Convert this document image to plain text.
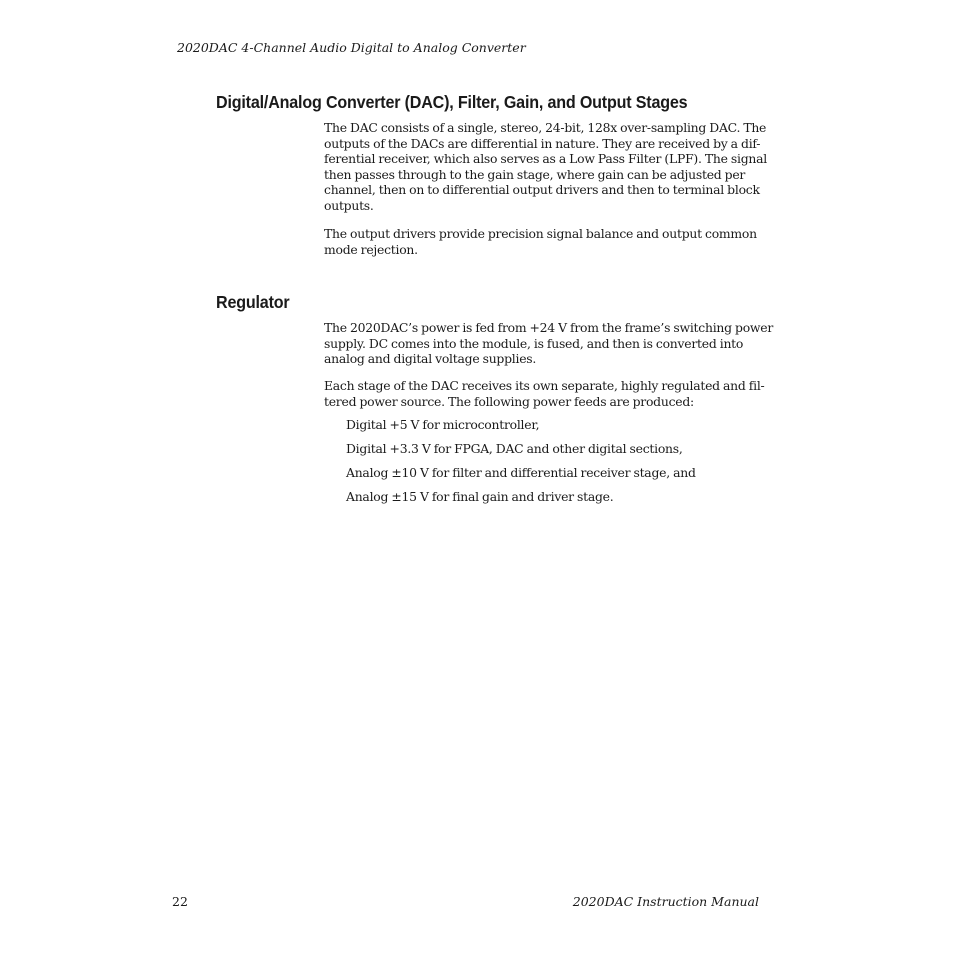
2020DAC 4-Channel Audio Digital to Analog Converter
Digital/Analog Converter (DAC), Filter, Gain, and Output Stages

The DAC consists of a single, stereo, 24-bit, 128x over-sampling DAC. The
outputs of the DACs are differential in nature. They are received by a dif-
ferential receiver, which also serves as a Low Pass Filter (LPF). The signal
then passes through to the gain stage, where gain can be adjusted per
channel, then on to differential output drivers and then to terminal block
outputs.

The output drivers provide precision signal balance and output common
mode rejection.

Regulator

The 2020DAC’s power is fed from +24 V from the frame’s switching power
supply. DC comes into the module, is fused, and then is converted into
analog and digital voltage supplies.

Each stage of the DAC receives its own separate, highly regulated and fil-
tered power source. The following power feeds are produced:

Digital +5 V for microcontroller,

Digital +3.3 V for FPGA, DAC and other digital sections,

Analog ±10 V for filter and differential receiver stage, and

Analog ±15 V for final gain and driver stage.

22	2020DAC Instruction Manual
